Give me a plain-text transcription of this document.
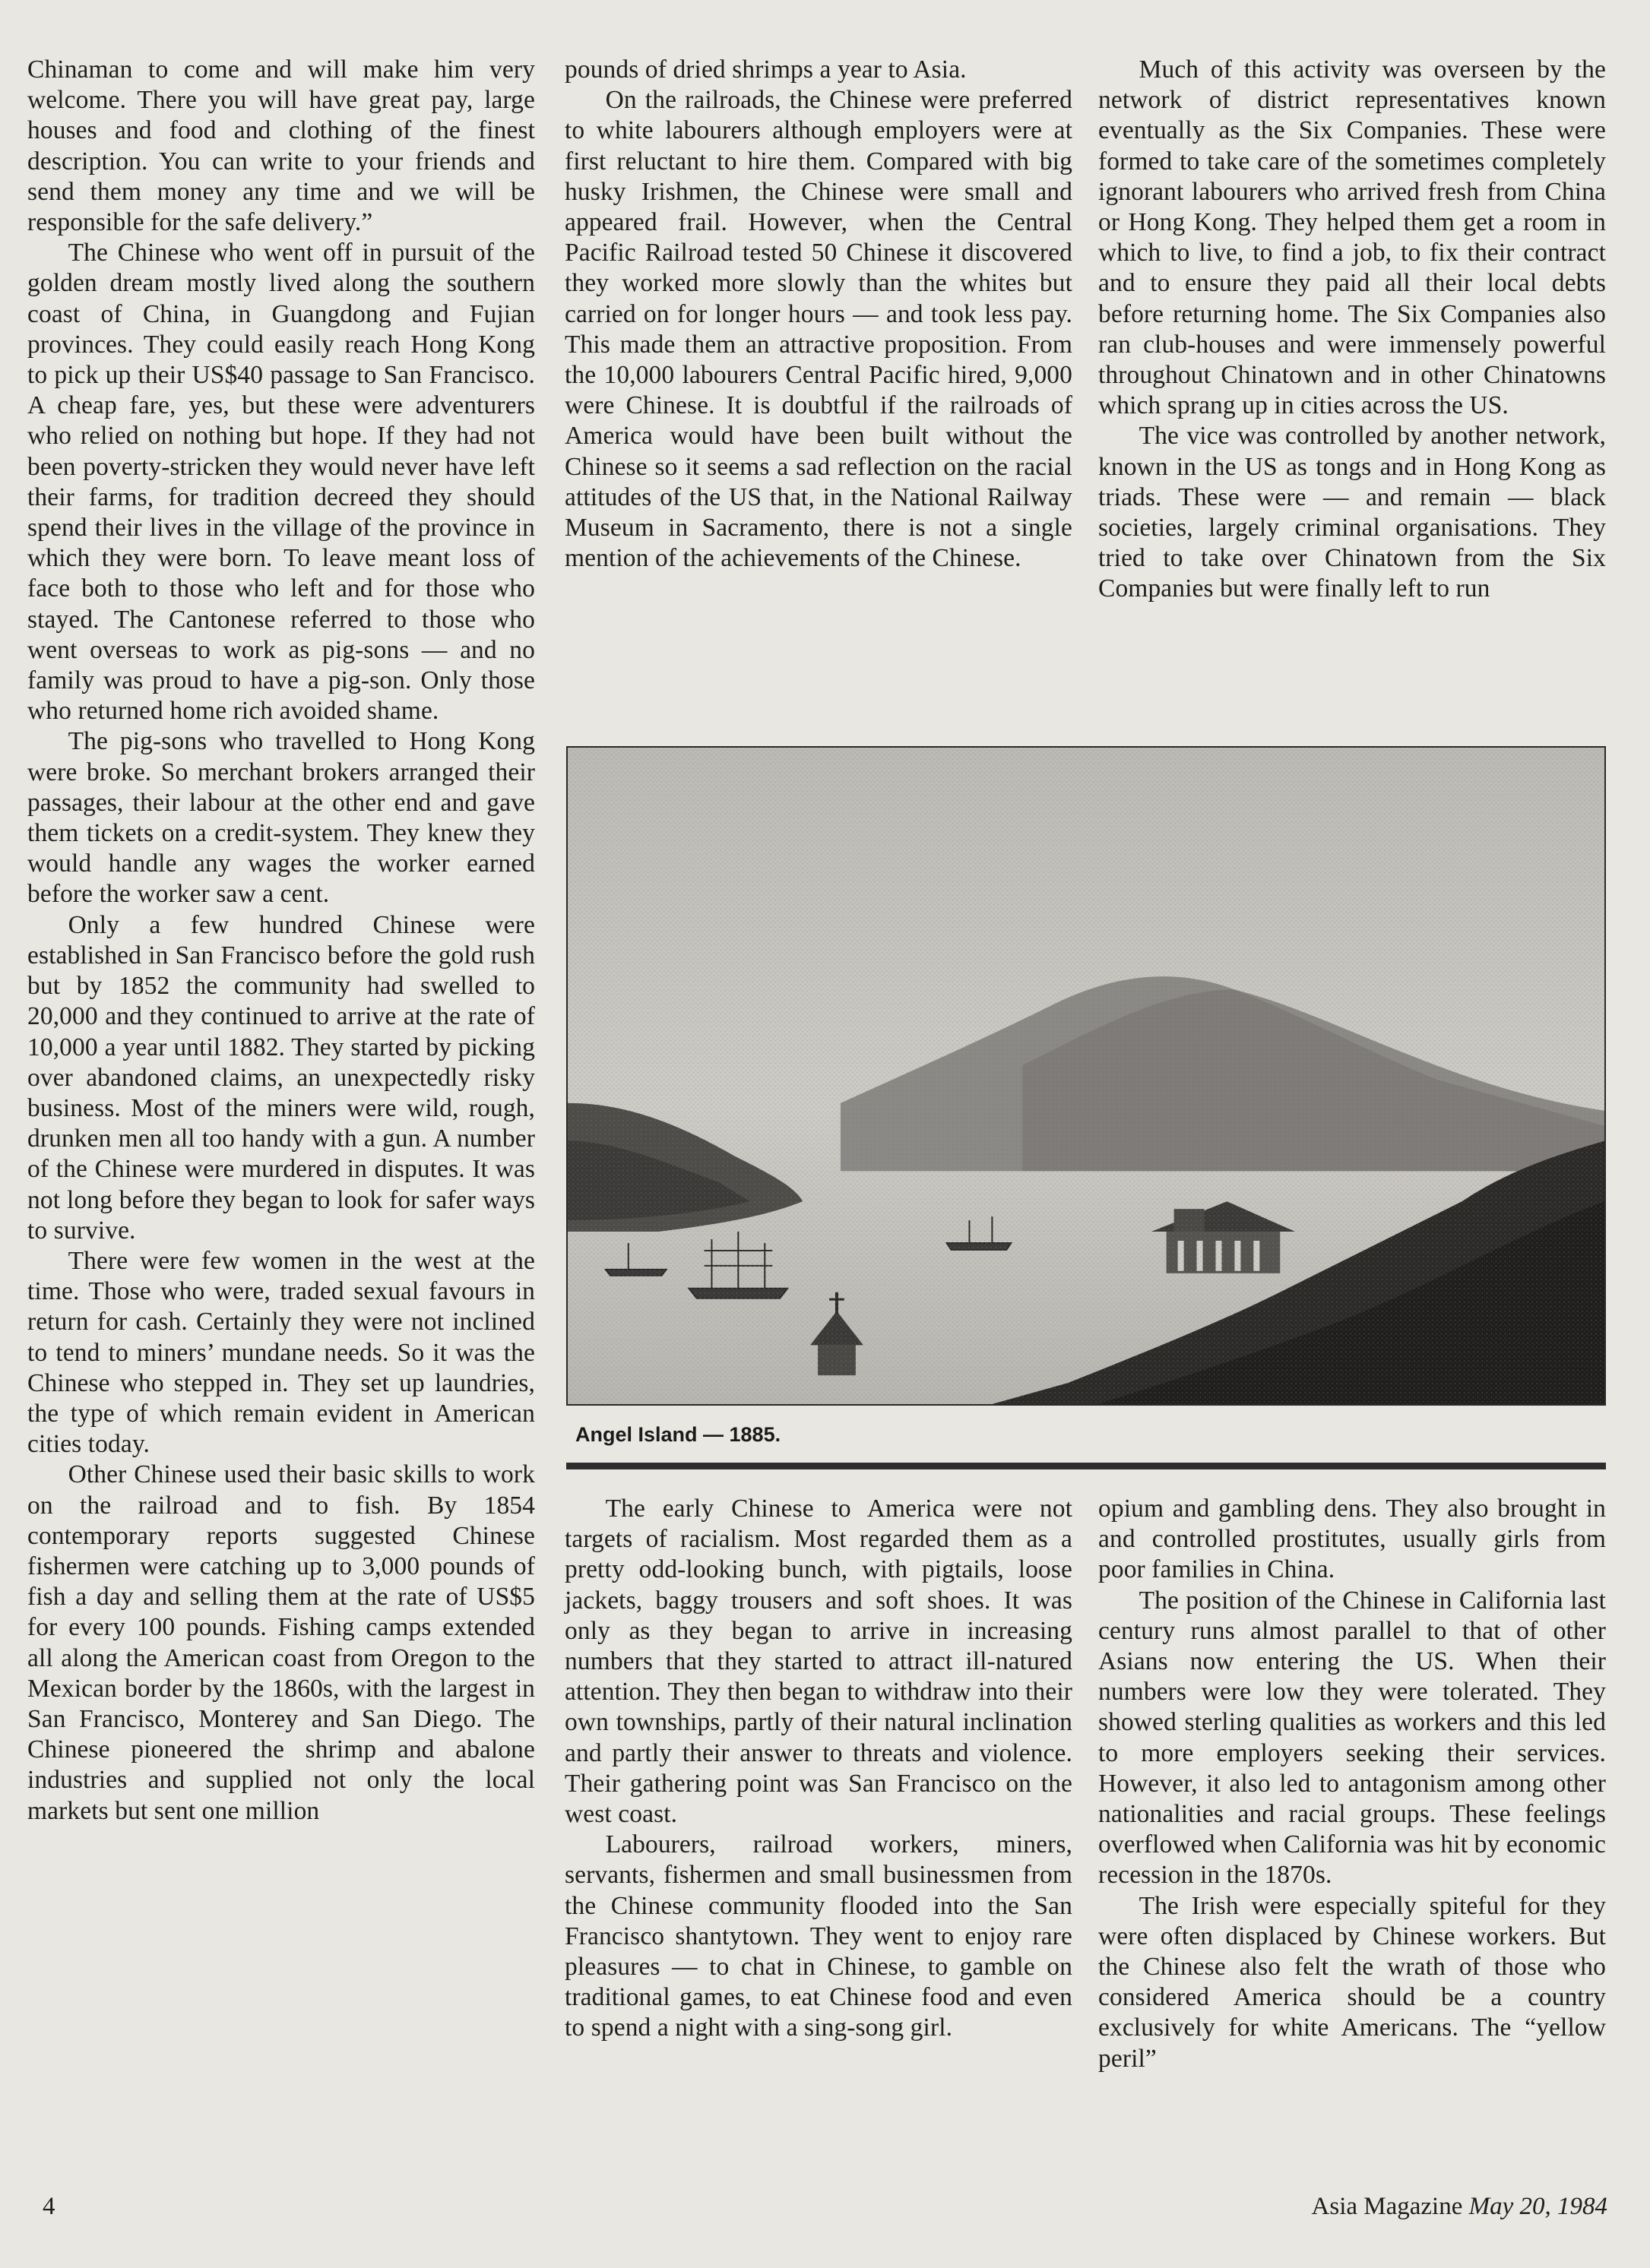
Chinaman to come and will make him very welcome. There you will have great pay, large houses and food and clothing of the finest description. You can write to your friends and send them money any time and we will be responsible for the safe delivery.”

The Chinese who went off in pursuit of the golden dream mostly lived along the southern coast of China, in Guangdong and Fujian provinces. They could easily reach Hong Kong to pick up their US$40 passage to San Francisco. A cheap fare, yes, but these were adventurers who relied on nothing but hope. If they had not been poverty-stricken they would never have left their farms, for tradition decreed they should spend their lives in the village of the province in which they were born. To leave meant loss of face both to those who left and for those who stayed. The Cantonese referred to those who went overseas to work as pig-sons — and no family was proud to have a pig-son. Only those who returned home rich avoided shame.

The pig-sons who travelled to Hong Kong were broke. So merchant brokers arranged their passages, their labour at the other end and gave them tickets on a credit-system. They knew they would handle any wages the worker earned before the worker saw a cent.

Only a few hundred Chinese were established in San Francisco before the gold rush but by 1852 the community had swelled to 20,000 and they continued to arrive at the rate of 10,000 a year until 1882. They started by picking over abandoned claims, an unexpectedly risky business. Most of the miners were wild, rough, drunken men all too handy with a gun. A number of the Chinese were murdered in disputes. It was not long before they began to look for safer ways to survive.

There were few women in the west at the time. Those who were, traded sexual favours in return for cash. Certainly they were not inclined to tend to miners’ mundane needs. So it was the Chinese who stepped in. They set up laundries, the type of which remain evident in American cities today.

Other Chinese used their basic skills to work on the railroad and to fish. By 1854 contemporary reports suggested Chinese fishermen were catching up to 3,000 pounds of fish a day and selling them at the rate of US$5 for every 100 pounds. Fishing camps extended all along the American coast from Oregon to the Mexican border by the 1860s, with the largest in San Francisco, Monterey and San Diego. The Chinese pioneered the shrimp and abalone industries and supplied not only the local markets but sent one million

pounds of dried shrimps a year to Asia.

On the railroads, the Chinese were preferred to white labourers although employers were at first reluctant to hire them. Compared with big husky Irishmen, the Chinese were small and appeared frail. However, when the Central Pacific Railroad tested 50 Chinese it discovered they worked more slowly than the whites but carried on for longer hours — and took less pay. This made them an attractive proposition. From the 10,000 labourers Central Pacific hired, 9,000 were Chinese. It is doubtful if the railroads of America would have been built without the Chinese so it seems a sad reflection on the racial attitudes of the US that, in the National Railway Museum in Sacramento, there is not a single mention of the achievements of the Chinese.

Much of this activity was overseen by the network of district representatives known eventually as the Six Companies. These were formed to take care of the sometimes completely ignorant labourers who arrived fresh from China or Hong Kong. They helped them get a room in which to live, to find a job, to fix their contract and to ensure they paid all their local debts before returning home. The Six Companies also ran club-houses and were immensely powerful throughout Chinatown and in other Chinatowns which sprang up in cities across the US.

The vice was controlled by another network, known in the US as tongs and in Hong Kong as triads. These were — and remain — black societies, largely criminal organisations. They tried to take over Chinatown from the Six Companies but were finally left to run

Angel Island — 1885.

The early Chinese to America were not targets of racialism. Most regarded them as a pretty odd-looking bunch, with pigtails, loose jackets, baggy trousers and soft shoes. It was only as they began to arrive in increasing numbers that they started to attract ill-natured attention. They then began to withdraw into their own townships, partly of their natural inclination and partly their answer to threats and violence. Their gathering point was San Francisco on the west coast.

Labourers, railroad workers, miners, servants, fishermen and small businessmen from the Chinese community flooded into the San Francisco shantytown. They went to enjoy rare pleasures — to chat in Chinese, to gamble on traditional games, to eat Chinese food and even to spend a night with a sing-song girl.

opium and gambling dens. They also brought in and controlled prostitutes, usually girls from poor families in China.

The position of the Chinese in California last century runs almost parallel to that of other Asians now entering the US. When their numbers were low they were tolerated. They showed sterling qualities as workers and this led to more employers seeking their services. However, it also led to antagonism among other nationalities and racial groups. These feelings overflowed when California was hit by economic recession in the 1870s.

The Irish were especially spiteful for they were often displaced by Chinese workers. But the Chinese also felt the wrath of those who considered America should be a country exclusively for white Americans. The “yellow peril”

4	Asia Magazine May 20, 1984
